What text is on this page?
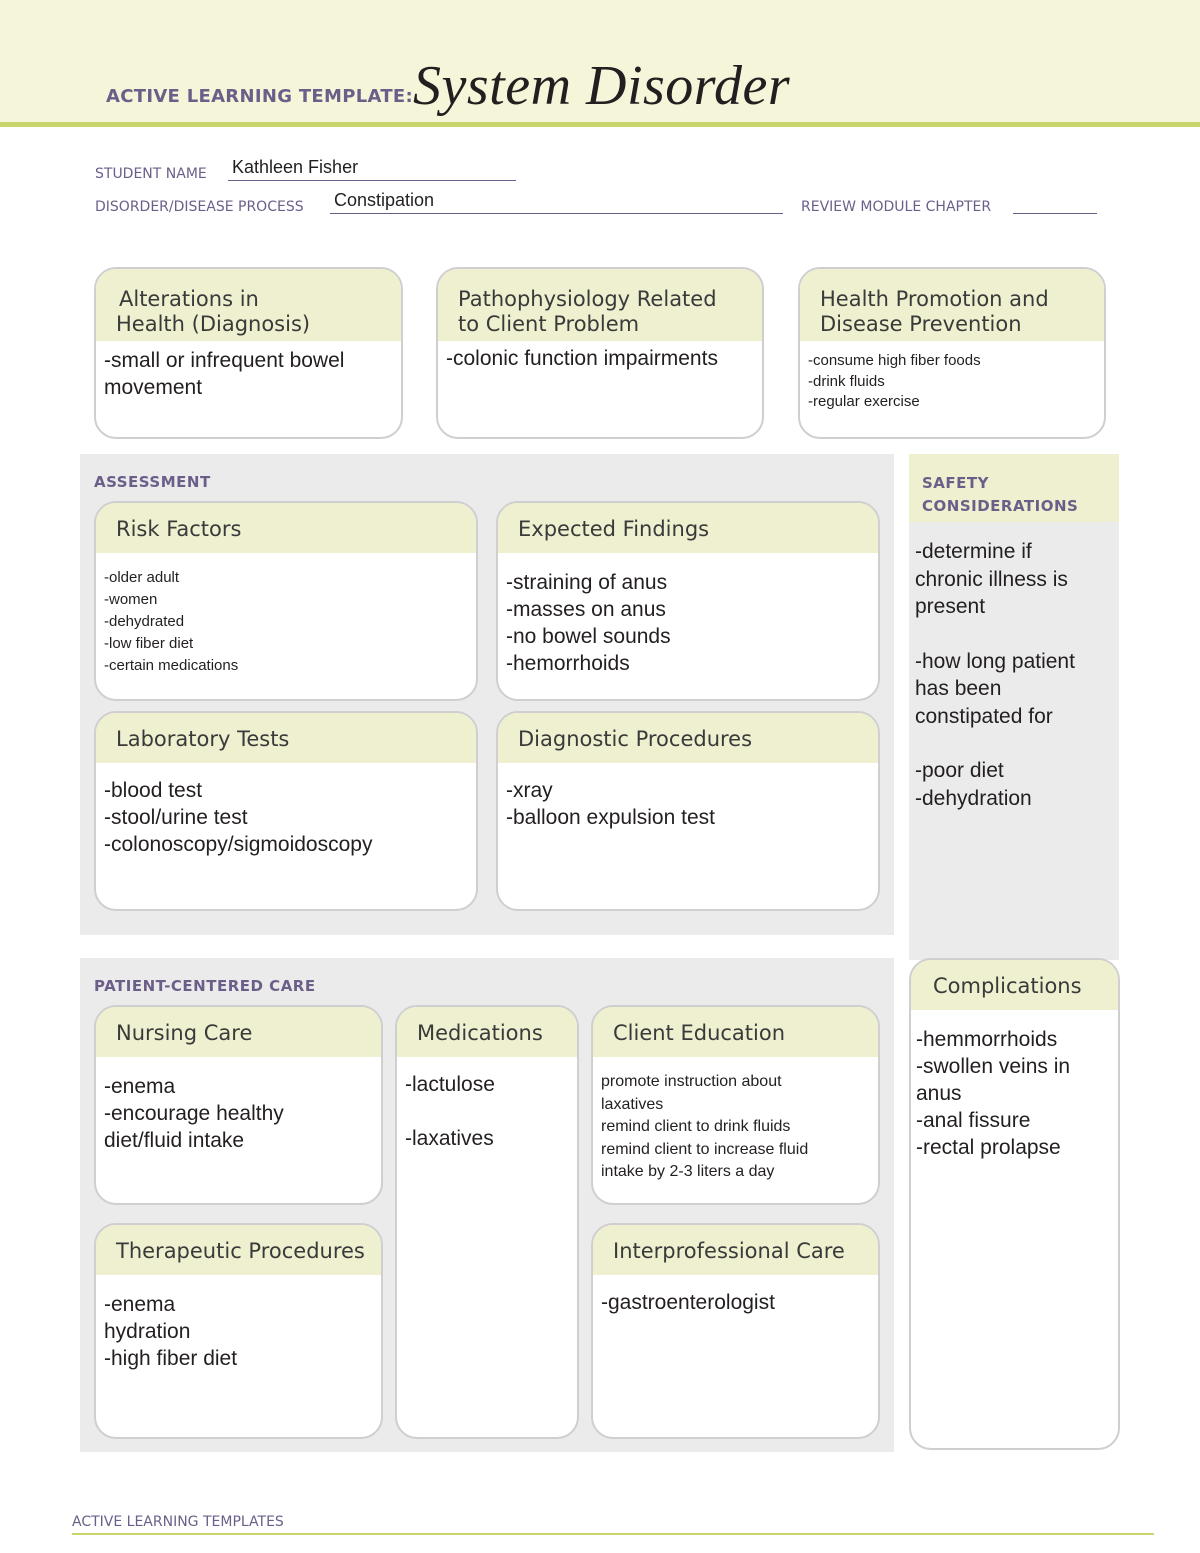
ACTIVE LEARNING TEMPLATE: System Disorder
STUDENT NAME Kathleen Fisher
DISORDER/DISEASE PROCESS Constipation	REVIEW MODULE CHAPTER
Alterations in
Health (Diagnosis)
-small or infrequent bowel
movement
Pathophysiology Related
to Client Problem
-colonic function impairments
Health Promotion and
Disease Prevention
-consume high fiber foods
-drink fluids
-regular exercise
ASSESSMENT
Risk Factors
-older adult
-women
-dehydrated
-low fiber diet
-certain medications
Expected Findings
-straining of anus
-masses on anus
-no bowel sounds
-hemorrhoids
Laboratory Tests
-blood test
-stool/urine test
-colonoscopy/sigmoidoscopy
Diagnostic Procedures
-xray
-balloon expulsion test
SAFETY
CONSIDERATIONS
-determine if
chronic illness is
present
-how long patient
has been
constipated for
-poor diet
-dehydration
PATIENT-CENTERED CARE
Nursing Care
-enema
-encourage healthy
diet/fluid intake
Medications
-lactulose
-laxatives
Client Education
promote instruction about
laxatives
remind client to drink fluids
remind client to increase fluid
intake by 2-3 liters a day
Therapeutic Procedures
-enema
hydration
-high fiber diet
Interprofessional Care
-gastroenterologist
Complications
-hemmorrhoids
-swollen veins in
anus
-anal fissure
-rectal prolapse
ACTIVE LEARNING TEMPLATES
